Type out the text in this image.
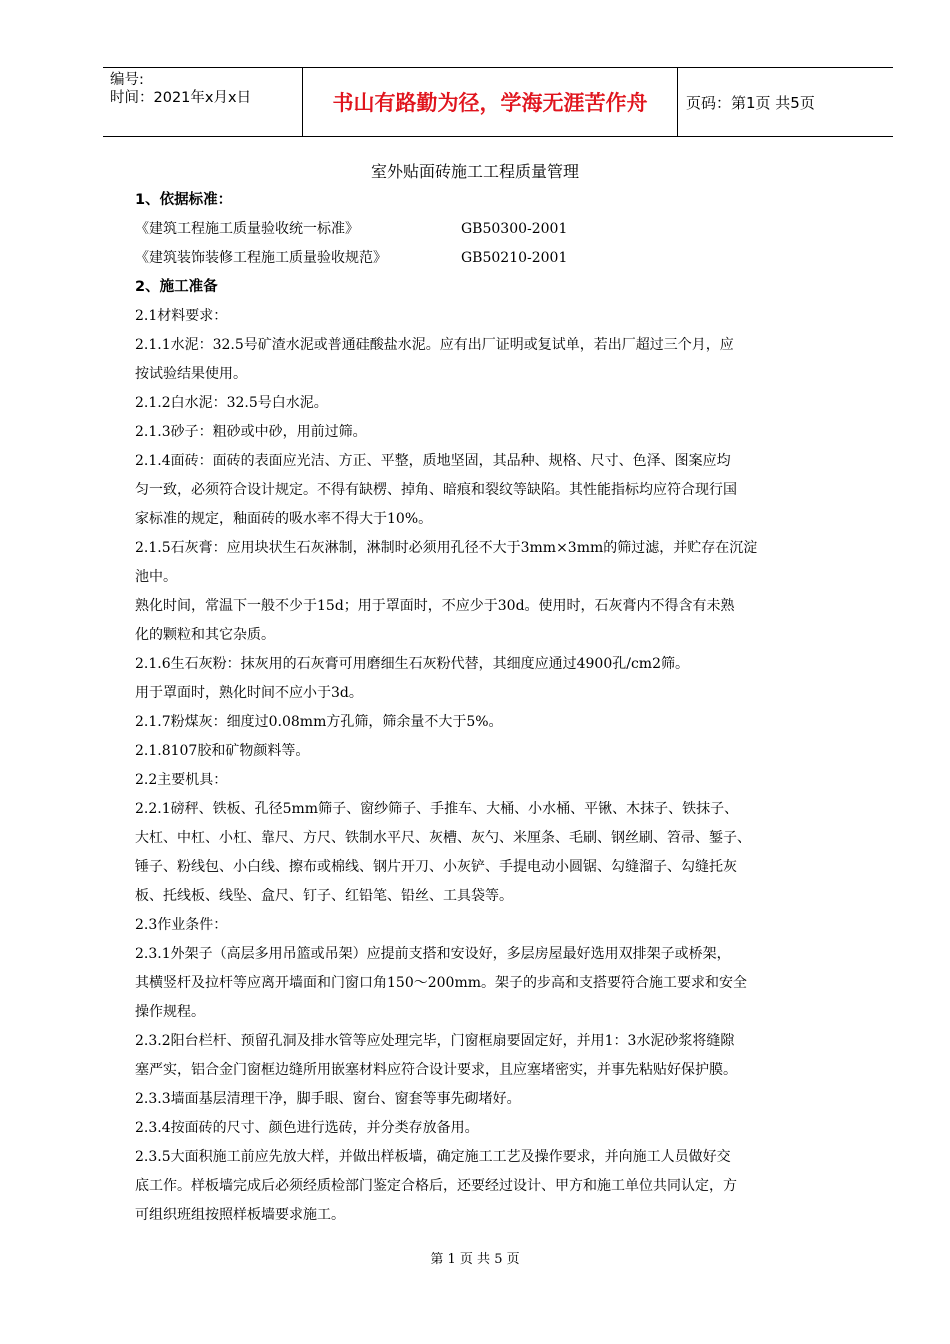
编号:
时间：2021年x月x日	书山有路勤为径，学海无涯苦作舟	页码：第1页 共5页
室外贴面砖施工工程质量管理
1、依据标准：
《建筑工程施工质量验收统一标准》	GB50300-2001
《建筑装饰装修工程施工质量验收规范》	GB50210-2001
2、施工准备
2.1材料要求：
2.1.1水泥：32.5号矿渣水泥或普通硅酸盐水泥。应有出厂证明或复试单，若出厂超过三个月，应
按试验结果使用。
2.1.2白水泥：32.5号白水泥。
2.1.3砂子：粗砂或中砂，用前过筛。
2.1.4面砖：面砖的表面应光洁、方正、平整，质地坚固，其品种、规格、尺寸、色泽、图案应均
匀一致，必须符合设计规定。不得有缺楞、掉角、暗痕和裂纹等缺陷。其性能指标均应符合现行国
家标准的规定，釉面砖的吸水率不得大于10%。
2.1.5石灰膏：应用块状生石灰淋制，淋制时必须用孔径不大于3mm×3mm的筛过滤，并贮存在沉淀
池中。
熟化时间，常温下一般不少于15d；用于罩面时，不应少于30d。使用时，石灰膏内不得含有未熟
化的颗粒和其它杂质。
2.1.6生石灰粉：抹灰用的石灰膏可用磨细生石灰粉代替，其细度应通过4900孔/cm2筛。
用于罩面时，熟化时间不应小于3d。
2.1.7粉煤灰：细度过0.08mm方孔筛，筛余量不大于5%。
2.1.8107胶和矿物颜料等。
2.2主要机具：
2.2.1磅秤、铁板、孔径5mm筛子、窗纱筛子、手推车、大桶、小水桶、平锹、木抹子、铁抹子、
大杠、中杠、小杠、靠尺、方尺、铁制水平尺、灰槽、灰勺、米厘条、毛刷、钢丝刷、笤帚、錾子、
锤子、粉线包、小白线、擦布或棉线、钢片开刀、小灰铲、手提电动小圆锯、勾缝溜子、勾缝托灰
板、托线板、线坠、盒尺、钉子、红铅笔、铅丝、工具袋等。
2.3作业条件：
2.3.1外架子（高层多用吊篮或吊架）应提前支搭和安设好，多层房屋最好选用双排架子或桥架，
其横竖杆及拉杆等应离开墙面和门窗口角150～200mm。架子的步高和支搭要符合施工要求和安全
操作规程。
2.3.2阳台栏杆、预留孔洞及排水管等应处理完毕，门窗框扇要固定好，并用1：3水泥砂浆将缝隙
塞严实，铝合金门窗框边缝所用嵌塞材料应符合设计要求，且应塞堵密实，并事先粘贴好保护膜。
2.3.3墙面基层清理干净，脚手眼、窗台、窗套等事先砌堵好。
2.3.4按面砖的尺寸、颜色进行选砖，并分类存放备用。
2.3.5大面积施工前应先放大样，并做出样板墙，确定施工工艺及操作要求，并向施工人员做好交
底工作。样板墙完成后必须经质检部门鉴定合格后，还要经过设计、甲方和施工单位共同认定，方
可组织班组按照样板墙要求施工。
第 1 页 共 5 页
